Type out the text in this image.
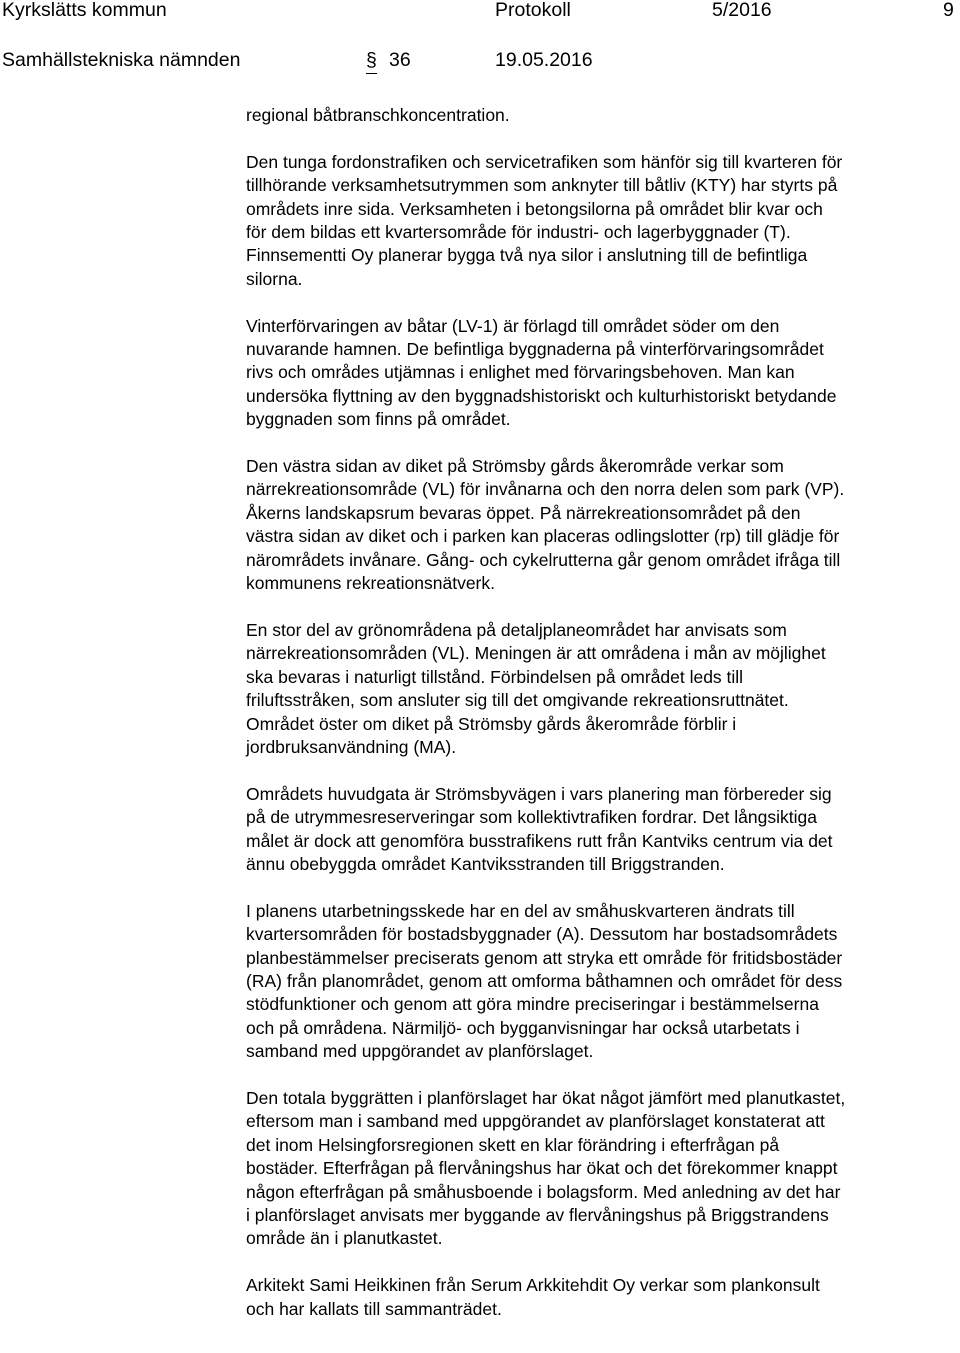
Kyrkslätts kommun	Protokoll	5/2016	9
Samhällstekniska nämnden	§ 36	19.05.2016

regional båtbranschkoncentration.

Den tunga fordonstrafiken och servicetrafiken som hänför sig till kvarteren för
tillhörande verksamhetsutrymmen som anknyter till båtliv (KTY) har styrts på
områdets inre sida. Verksamheten i betongsilorna på området blir kvar och
för dem bildas ett kvartersområde för industri- och lagerbyggnader (T).
Finnsementti Oy planerar bygga två nya silor i anslutning till de befintliga
silorna.

Vinterförvaringen av båtar (LV-1) är förlagd till området söder om den
nuvarande hamnen. De befintliga byggnaderna på vinterförvaringsområdet
rivs och områdes utjämnas i enlighet med förvaringsbehoven. Man kan
undersöka flyttning av den byggnadshistoriskt och kulturhistoriskt betydande
byggnaden som finns på området.

Den västra sidan av diket på Strömsby gårds åkerområde verkar som
närrekreationsområde (VL) för invånarna och den norra delen som park (VP).
Åkerns landskapsrum bevaras öppet. På närrekreationsområdet på den
västra sidan av diket och i parken kan placeras odlingslotter (rp) till glädje för
närområdets invånare. Gång- och cykelrutterna går genom området ifråga till
kommunens rekreationsnätverk.

En stor del av grönområdena på detaljplaneområdet har anvisats som
närrekreationsområden (VL). Meningen är att områdena i mån av möjlighet
ska bevaras i naturligt tillstånd. Förbindelsen på området leds till
friluftsstråken, som ansluter sig till det omgivande rekreationsruttnätet.
Området öster om diket på Strömsby gårds åkerområde förblir i
jordbruksanvändning (MA).

Områdets huvudgata är Strömsbyvägen i vars planering man förbereder sig
på de utrymmesreserveringar som kollektivtrafiken fordrar. Det långsiktiga
målet är dock att genomföra busstrafikens rutt från Kantviks centrum via det
ännu obebyggda området Kantviksstranden till Briggstranden.

I planens utarbetningsskede har en del av småhuskvarteren ändrats till
kvartersområden för bostadsbyggnader (A). Dessutom har bostadsområdets
planbestämmelser preciserats genom att stryka ett område för fritidsbostäder
(RA) från planområdet, genom att omforma båthamnen och området för dess
stödfunktioner och genom att göra mindre preciseringar i bestämmelserna
och på områdena. Närmiljö- och bygganvisningar har också utarbetats i
samband med uppgörandet av planförslaget.

Den totala byggrätten i planförslaget har ökat något jämfört med planutkastet,
eftersom man i samband med uppgörandet av planförslaget konstaterat att
det inom Helsingforsregionen skett en klar förändring i efterfrågan på
bostäder. Efterfrågan på flervåningshus har ökat och det förekommer knappt
någon efterfrågan på småhusboende i bolagsform. Med anledning av det har
i planförslaget anvisats mer byggande av flervåningshus på Briggstrandens
område än i planutkastet.

Arkitekt Sami Heikkinen från Serum Arkkitehdit Oy verkar som plankonsult
och har kallats till sammanträdet.
